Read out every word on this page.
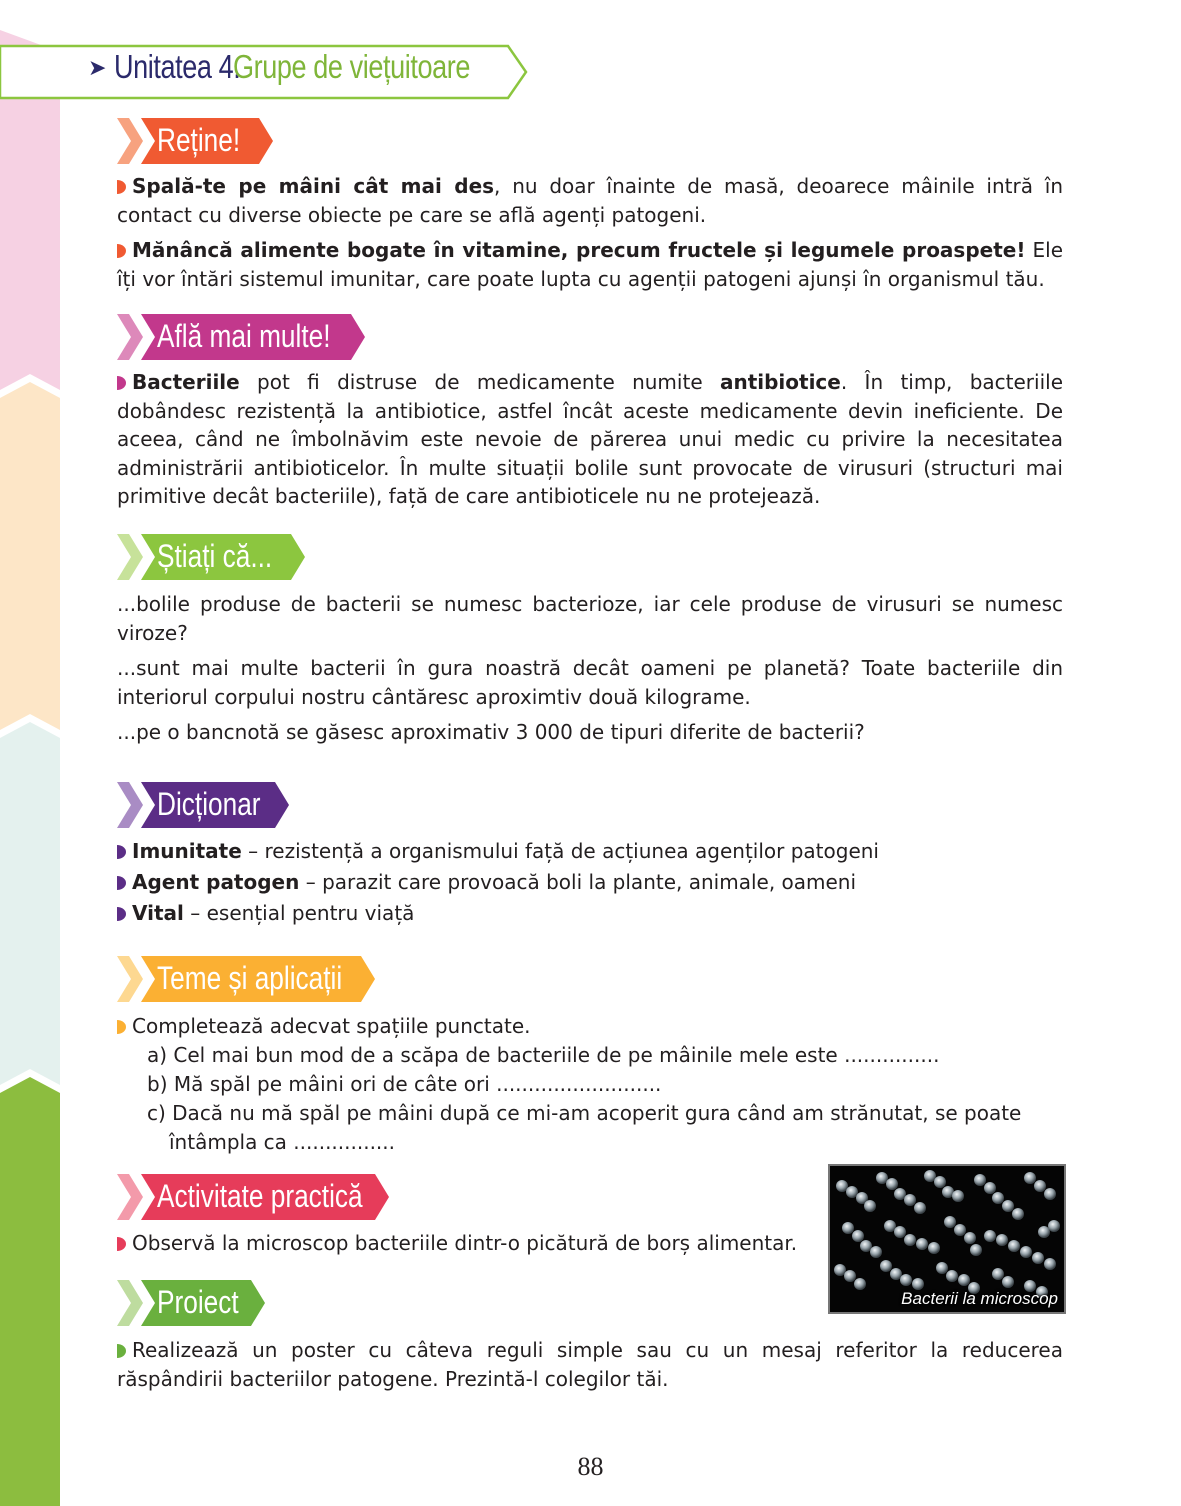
➤ Unitatea 4. Grupe de viețuitoare
Reține!

Spală-te pe mâini cât mai des, nu doar înainte de masă, deoarece mâinile intră în contact cu diverse obiecte pe care se află agenți patogeni.

Mănâncă alimente bogate în vitamine, precum fructele și legumele proaspete! Ele îți vor întări sistemul imunitar, care poate lupta cu agenții patogeni ajunși în organismul tău.

Află mai multe!

Bacteriile pot fi distruse de medicamente numite antibiotice. În timp, bacteriile dobândesc rezistență la antibiotice, astfel încât aceste medicamente devin ineficiente. De aceea, când ne îmbolnăvim este nevoie de părerea unui medic cu privire la necesitatea administrării antibioticelor. În multe situații bolile sunt provocate de virusuri (structuri mai primitive decât bacteriile), față de care antibioticele nu ne protejează.

Știați că...

...bolile produse de bacterii se numesc bacterioze, iar cele produse de virusuri se numesc viroze?

...sunt mai multe bacterii în gura noastră decât oameni pe planetă? Toate bacteriile din interiorul corpului nostru cântăresc aproximtiv două kilograme.

...pe o bancnotă se găsesc aproximativ 3 000 de tipuri diferite de bacterii?

Dicționar

Imunitate – rezistență a organismului față de acțiunea agenților patogeni

Agent patogen – parazit care provoacă boli la plante, animale, oameni

Vital – esențial pentru viață

Teme și aplicații

Completează adecvat spațiile punctate.

a) Cel mai bun mod de a scăpa de bacteriile de pe mâinile mele este ...............

b) Mă spăl pe mâini ori de câte ori ..........................

c) Dacă nu mă spăl pe mâini după ce mi-am acoperit gura când am strănutat, se poate

întâmpla ca ................

Activitate practică

Observă la microscop bacteriile dintr-o picătură de borș alimentar.

Bacterii la microscop
Proiect

Realizează un poster cu câteva reguli simple sau cu un mesaj referitor la reducerea răspândirii bacteriilor patogene. Prezintă-l colegilor tăi.

88
